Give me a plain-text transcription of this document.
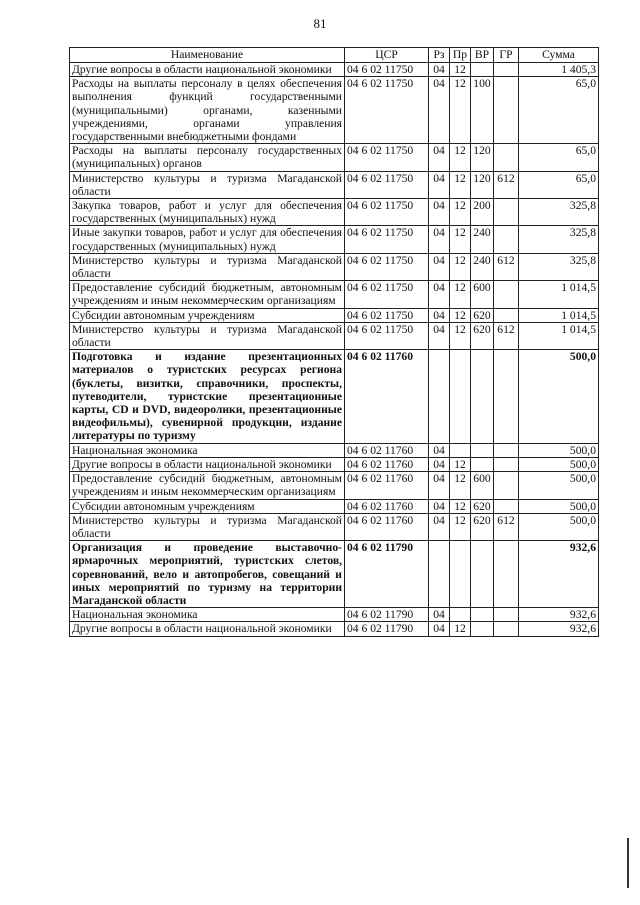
81
Наименование	ЦСР	Рз	Пр	ВР	ГР	Сумма
Другие вопросы в области национальной экономики	04 6 02 11750	04	12			1 405,3
Расходы на выплаты персоналу в целях обеспечения выполнения функций государственными (муниципальными) органами, казенными учреждениями, органами управления государственными внебюджетными фондами	04 6 02 11750	04	12	100		65,0
Расходы на выплаты персоналу государственных (муниципальных) органов	04 6 02 11750	04	12	120		65,0
Министерство культуры и туризма Магаданской области	04 6 02 11750	04	12	120	612	65,0
Закупка товаров, работ и услуг для обеспечения государственных (муниципальных) нужд	04 6 02 11750	04	12	200		325,8
Иные закупки товаров, работ и услуг для обеспечения государственных (муниципальных) нужд	04 6 02 11750	04	12	240		325,8
Министерство культуры и туризма Магаданской области	04 6 02 11750	04	12	240	612	325,8
Предоставление субсидий бюджетным, автономным учреждениям и иным некоммерческим организациям	04 6 02 11750	04	12	600		1 014,5
Субсидии автономным учреждениям	04 6 02 11750	04	12	620		1 014,5
Министерство культуры и туризма Магаданской области	04 6 02 11750	04	12	620	612	1 014,5
Подготовка и издание презентационных материалов о туристских ресурсах региона (буклеты, визитки, справочники, проспекты, путеводители, туристские презентационные карты, CD и DVD, видеоролики, презентационные видеофильмы), сувенирной продукции, издание литературы по туризму	04 6 02 11760					500,0
Национальная экономика	04 6 02 11760	04				500,0
Другие вопросы в области национальной экономики	04 6 02 11760	04	12			500,0
Предоставление субсидий бюджетным, автономным учреждениям и иным некоммерческим организациям	04 6 02 11760	04	12	600		500,0
Субсидии автономным учреждениям	04 6 02 11760	04	12	620		500,0
Министерство культуры и туризма Магаданской области	04 6 02 11760	04	12	620	612	500,0
Организация и проведение выставочно-ярмарочных мероприятий, туристских слетов, соревнований, вело и автопробегов, совещаний и иных мероприятий по туризму на территории Магаданской области	04 6 02 11790					932,6
Национальная экономика	04 6 02 11790	04				932,6
Другие вопросы в области национальной экономики	04 6 02 11790	04	12			932,6
